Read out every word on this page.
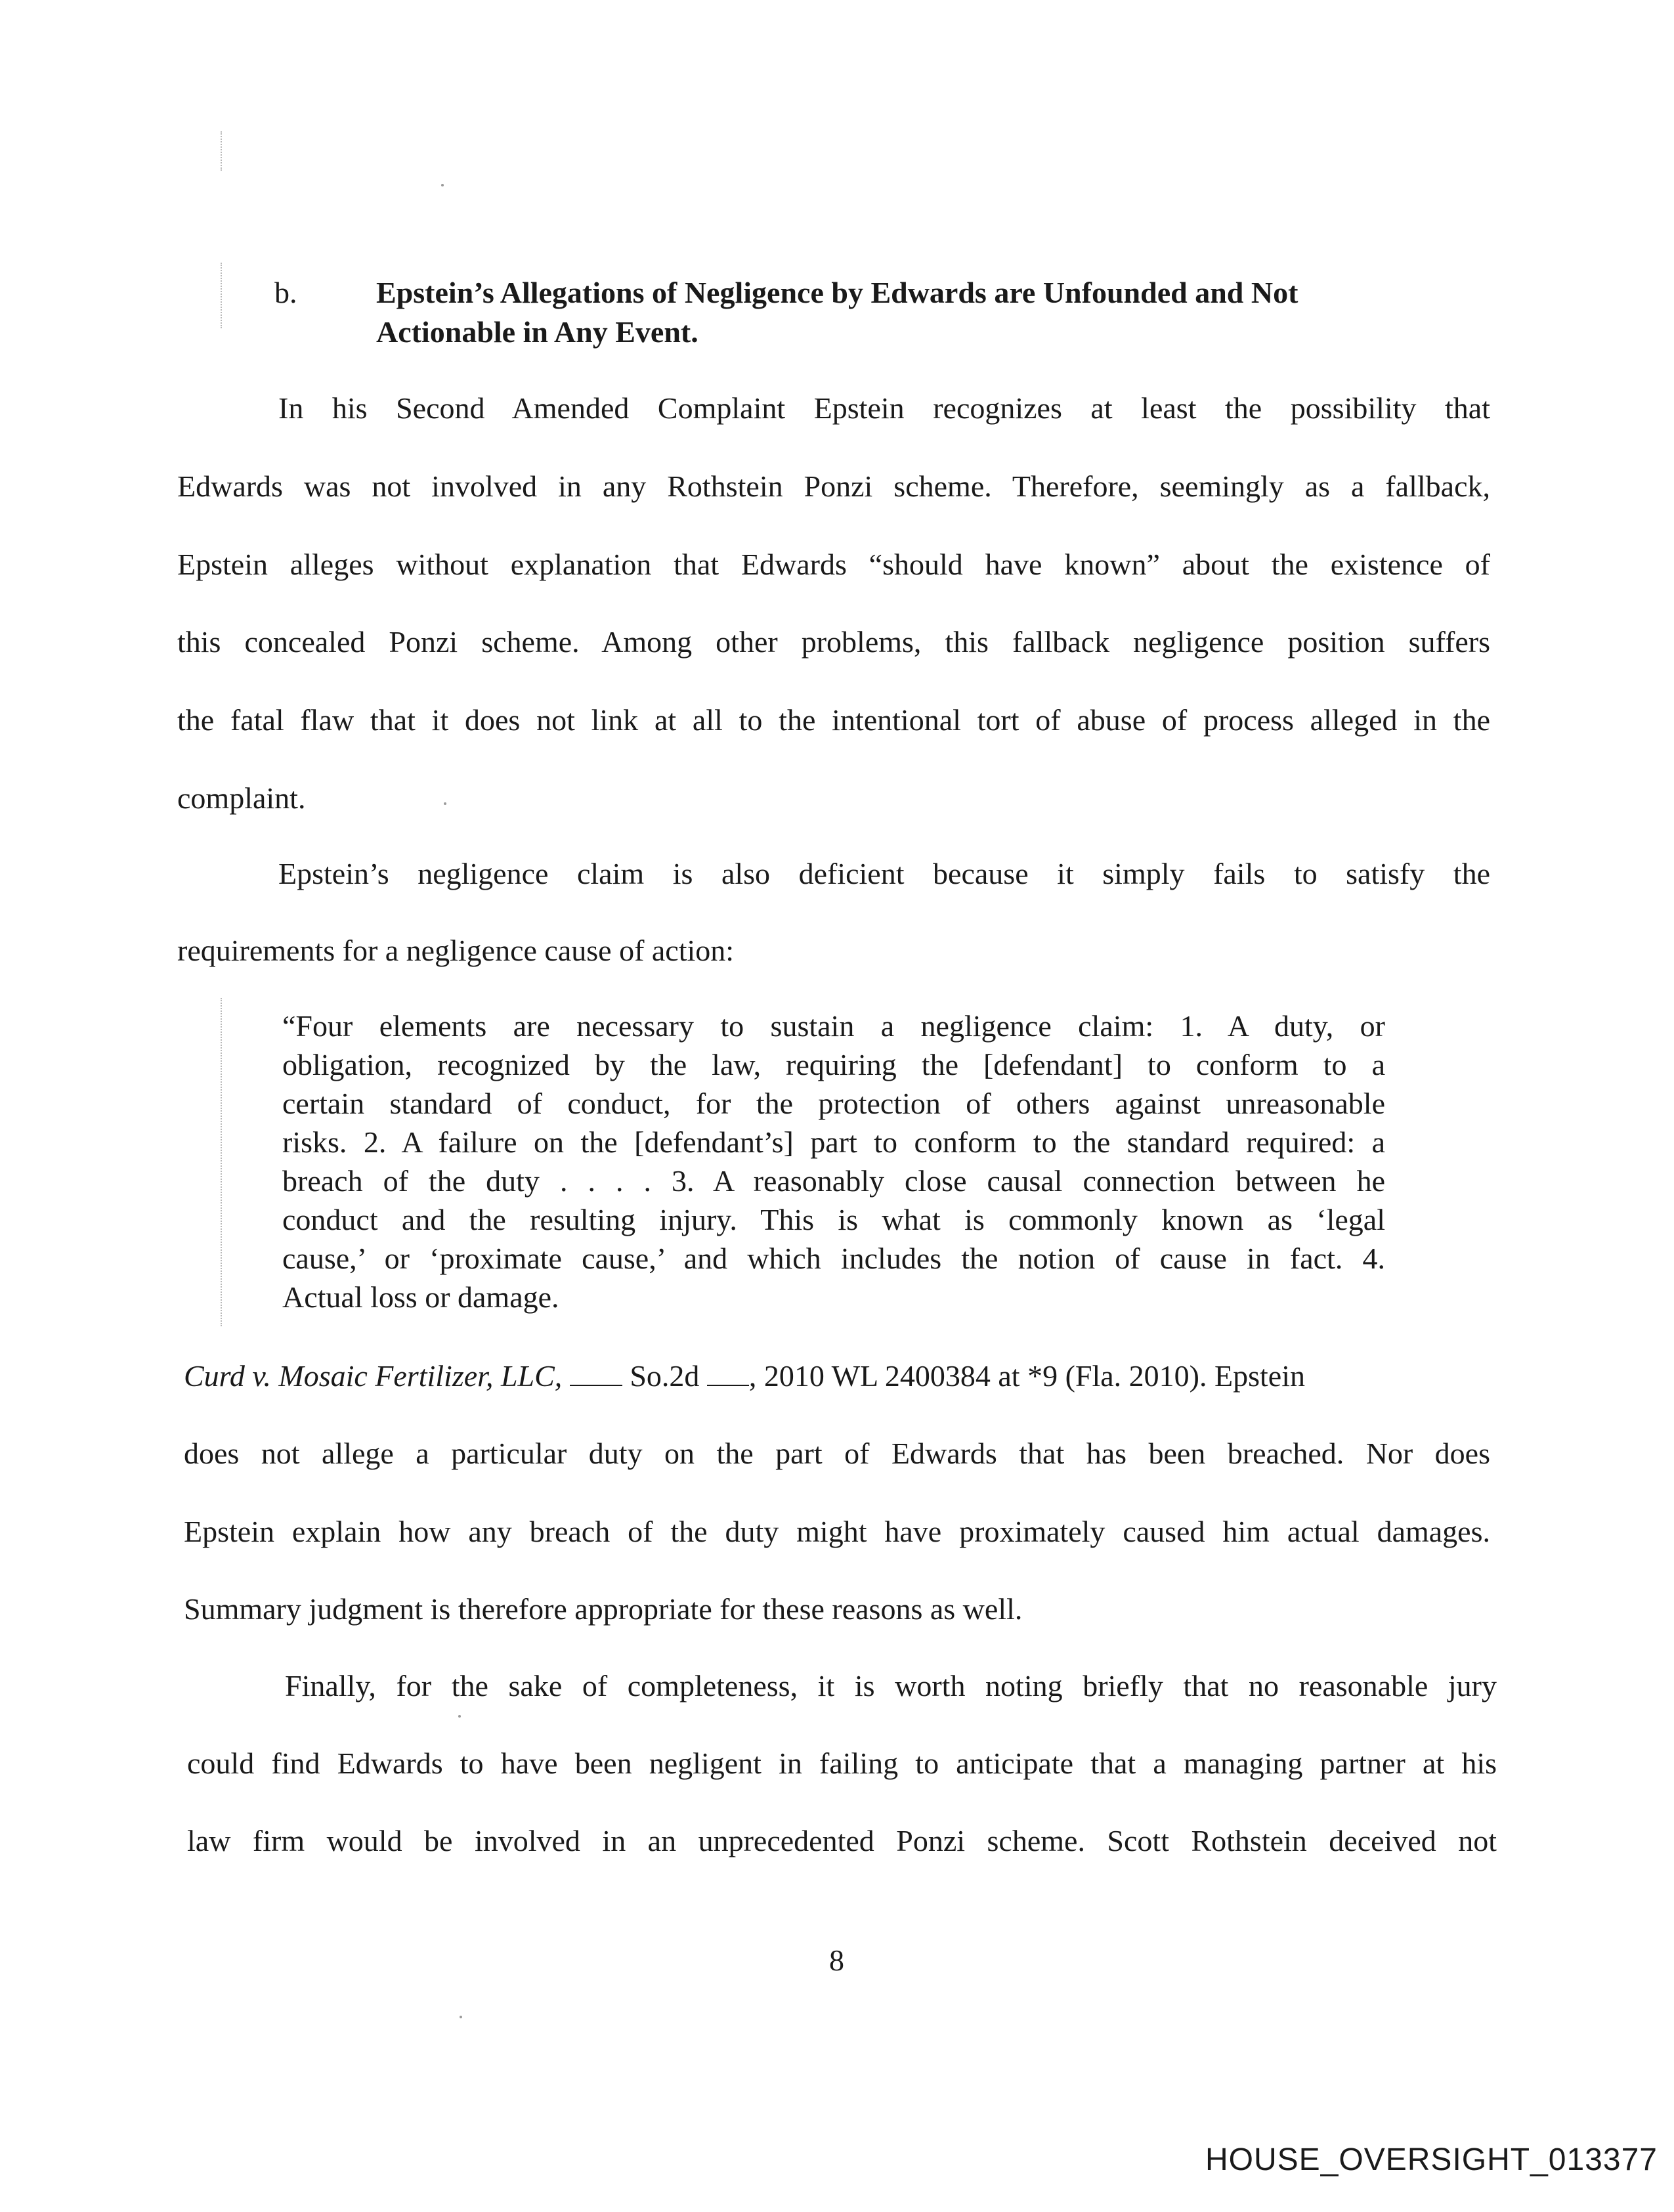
b.	Epstein’s Allegations of Negligence by Edwards are Unfounded and Not
Actionable in Any Event.
In his Second Amended Complaint Epstein recognizes at least the possibility that
Edwards was not involved in any Rothstein Ponzi scheme. Therefore, seemingly as a fallback,
Epstein alleges without explanation that Edwards “should have known” about the existence of
this concealed Ponzi scheme. Among other problems, this fallback negligence position suffers
the fatal flaw that it does not link at all to the intentional tort of abuse of process alleged in the
complaint.
Epstein’s negligence claim is also deficient because it simply fails to satisfy the
requirements for a negligence cause of action:
“Four elements are necessary to sustain a negligence claim: 1. A duty, or
obligation, recognized by the law, requiring the [defendant] to conform to a
certain standard of conduct, for the protection of others against unreasonable
risks. 2. A failure on the [defendant’s] part to conform to the standard required: a
breach of the duty . . . . 3. A reasonably close causal connection between he
conduct and the resulting injury. This is what is commonly known as ‘legal
cause,’ or ‘proximate cause,’ and which includes the notion of cause in fact. 4.
Actual loss or damage.
Curd v. Mosaic Fertilizer, LLC, So.2d , 2010 WL 2400384 at *9 (Fla. 2010). Epstein
does not allege a particular duty on the part of Edwards that has been breached. Nor does
Epstein explain how any breach of the duty might have proximately caused him actual damages.
Summary judgment is therefore appropriate for these reasons as well.
Finally, for the sake of completeness, it is worth noting briefly that no reasonable jury
could find Edwards to have been negligent in failing to anticipate that a managing partner at his
law firm would be involved in an unprecedented Ponzi scheme. Scott Rothstein deceived not
8
HOUSE_OVERSIGHT_013377
